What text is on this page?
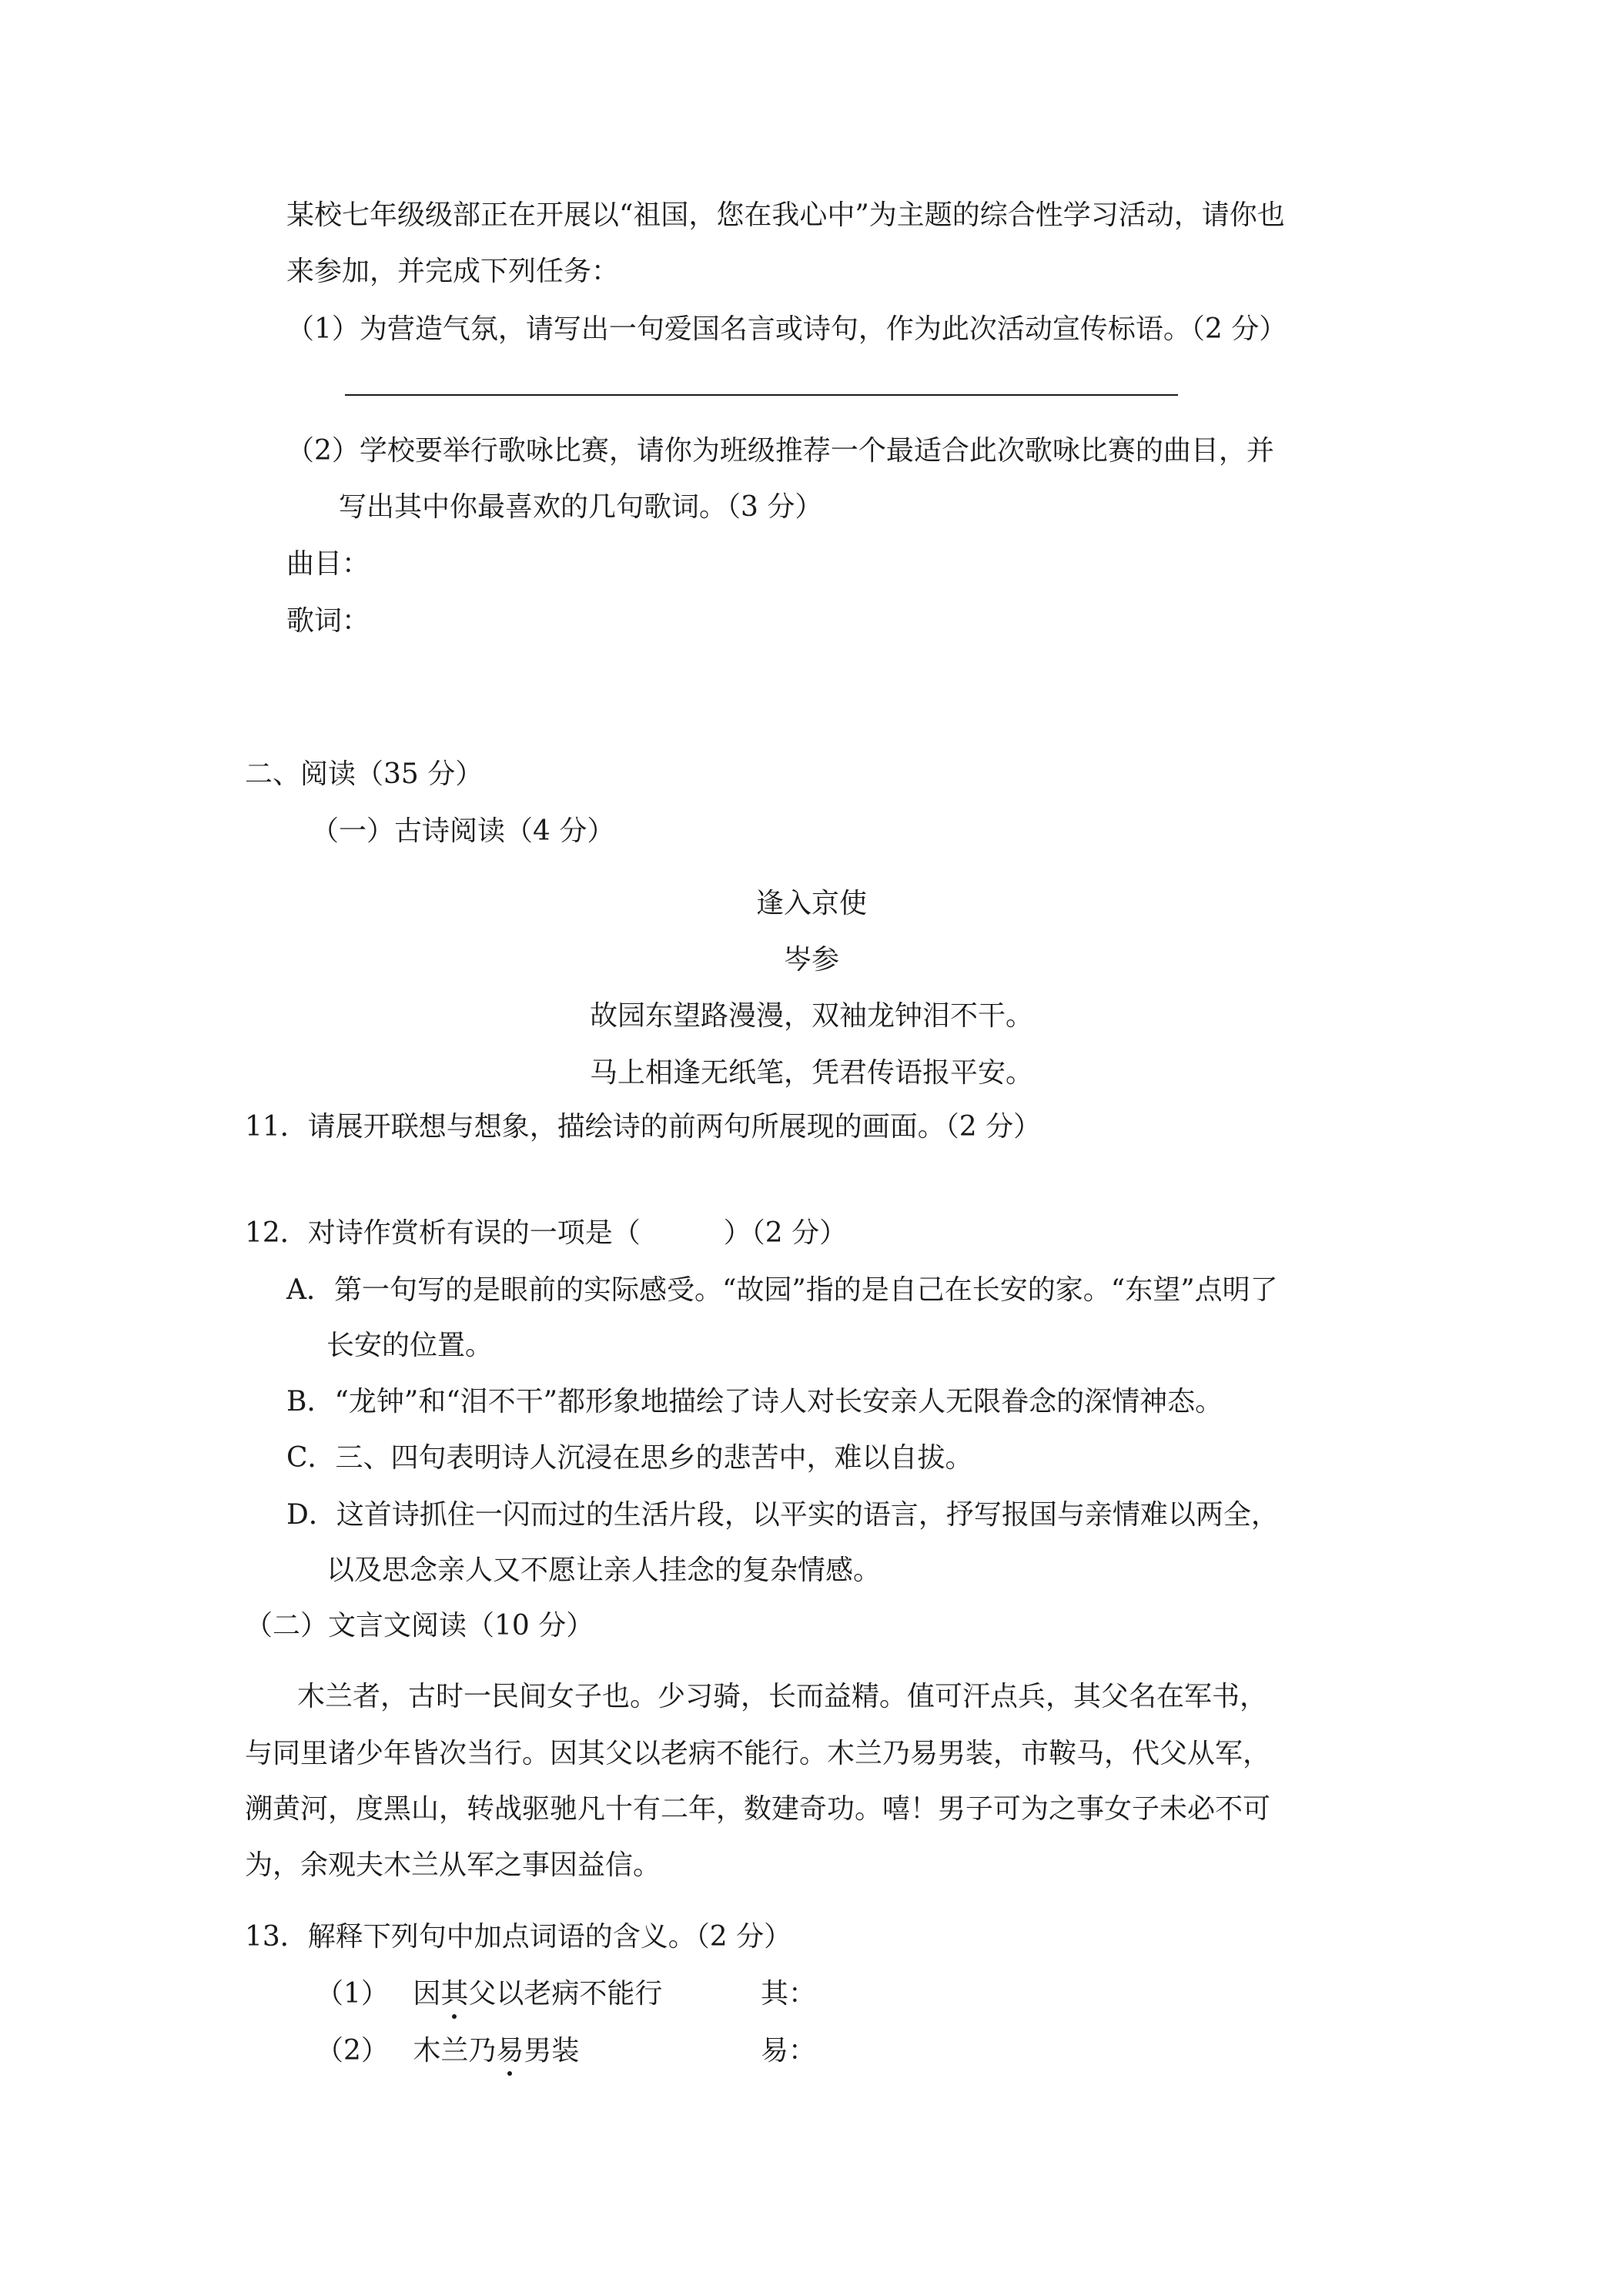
某校七年级级部正在开展以“祖国，您在我心中”为主题的综合性学习活动，请你也
来参加，并完成下列任务：
（1）为营造气氛，请写出一句爱国名言或诗句，作为此次活动宣传标语。（2 分）
（2）学校要举行歌咏比赛，请你为班级推荐一个最适合此次歌咏比赛的曲目，并
写出其中你最喜欢的几句歌词。（3 分）
曲目：
歌词：
二、阅读（35 分）
（一）古诗阅读（4 分）
逢入京使
岑参
故园东望路漫漫，双袖龙钟泪不干。
马上相逢无纸笔，凭君传语报平安。
11．请展开联想与想象，描绘诗的前两句所展现的画面。（2 分）
12．对诗作赏析有误的一项是（　　　）（2 分）
A．第一句写的是眼前的实际感受。“故园”指的是自己在长安的家。“东望”点明了
长安的位置。
B．“龙钟”和“泪不干”都形象地描绘了诗人对长安亲人无限眷念的深情神态。
C．三、四句表明诗人沉浸在思乡的悲苦中，难以自拔。
D．这首诗抓住一闪而过的生活片段，以平实的语言，抒写报国与亲情难以两全，
以及思念亲人又不愿让亲人挂念的复杂情感。
（二）文言文阅读（10 分）
木兰者，古时一民间女子也。少习骑，长而益精。值可汗点兵，其父名在军书，
与同里诸少年皆次当行。因其父以老病不能行。木兰乃易男装，市鞍马，代父从军，
溯黄河，度黑山，转战驱驰凡十有二年，数建奇功。嘻！男子可为之事女子未必不可
为，余观夫木兰从军之事因益信。
13．解释下列句中加点词语的含义。（2 分）
（1） 因其父以老病不能行	其：
（2） 木兰乃易男装	易：
